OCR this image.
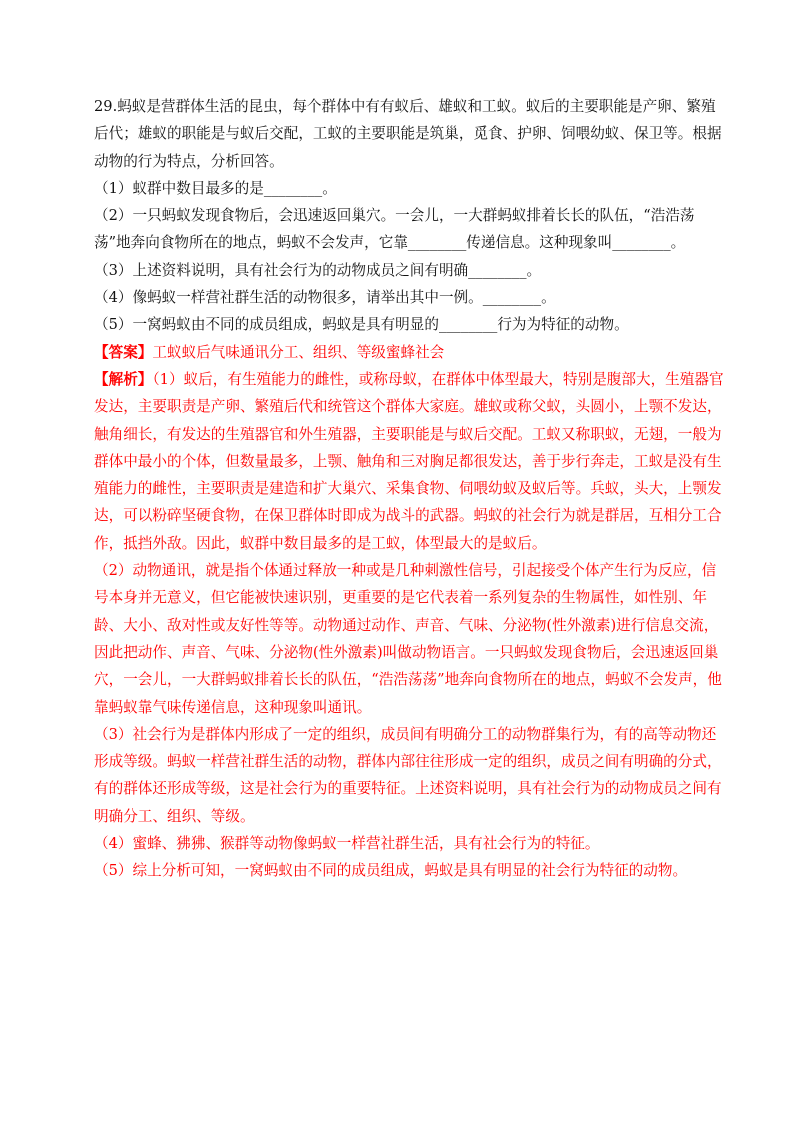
29.蚂蚁是营群体生活的昆虫，每个群体中有有蚁后、雄蚁和工蚁。蚁后的主要职能是产卵、繁殖后代；雄蚁的职能是与蚁后交配，工蚁的主要职能是筑巢，觅食、护卵、饲喂幼蚁、保卫等。根据动物的行为特点，分析回答。

（1）蚁群中数目最多的是________。

（2）一只蚂蚁发现食物后，会迅速返回巢穴。一会儿，一大群蚂蚁排着长长的队伍，“浩浩荡荡”地奔向食物所在的地点，蚂蚁不会发声，它靠________传递信息。这种现象叫________。

（3）上述资料说明，具有社会行为的动物成员之间有明确________。

（4）像蚂蚁一样营社群生活的动物很多，请举出其中一例。________。

（5）一窝蚂蚁由不同的成员组成，蚂蚁是具有明显的________行为为特征的动物。

【答案】工蚁蚁后气味通讯分工、组织、等级蜜蜂社会

【解析】（1）蚁后，有生殖能力的雌性，或称母蚁，在群体中体型最大，特别是腹部大，生殖器官发达，主要职责是产卵、繁殖后代和统管这个群体大家庭。雄蚁或称父蚁，头圆小，上颚不发达，触角细长，有发达的生殖器官和外生殖器，主要职能是与蚁后交配。工蚁又称职蚁，无翅，一般为群体中最小的个体，但数量最多，上颚、触角和三对胸足都很发达，善于步行奔走，工蚁是没有生殖能力的雌性，主要职责是建造和扩大巢穴、采集食物、伺喂幼蚁及蚁后等。兵蚁，头大，上颚发达，可以粉碎坚硬食物，在保卫群体时即成为战斗的武器。蚂蚁的社会行为就是群居，互相分工合作，抵挡外敌。因此，蚁群中数目最多的是工蚁，体型最大的是蚁后。

（2）动物通讯，就是指个体通过释放一种或是几种刺激性信号，引起接受个体产生行为反应，信号本身并无意义，但它能被快速识别，更重要的是它代表着一系列复杂的生物属性，如性别、年龄、大小、敌对性或友好性等等。动物通过动作、声音、气味、分泌物(性外激素)进行信息交流，因此把动作、声音、气味、分泌物(性外激素)叫做动物语言。一只蚂蚁发现食物后，会迅速返回巢穴，一会儿，一大群蚂蚁排着长长的队伍，“浩浩荡荡”地奔向食物所在的地点，蚂蚁不会发声，他靠蚂蚁靠气味传递信息，这种现象叫通讯。

（3）社会行为是群体内形成了一定的组织，成员间有明确分工的动物群集行为，有的高等动物还形成等级。蚂蚁一样营社群生活的动物，群体内部往往形成一定的组织，成员之间有明确的分式，有的群体还形成等级，这是社会行为的重要特征。上述资料说明，具有社会行为的动物成员之间有明确分工、组织、等级。

（4）蜜蜂、狒狒、猴群等动物像蚂蚁一样营社群生活，具有社会行为的特征。

（5）综上分析可知，一窝蚂蚁由不同的成员组成，蚂蚁是具有明显的社会行为特征的动物。
